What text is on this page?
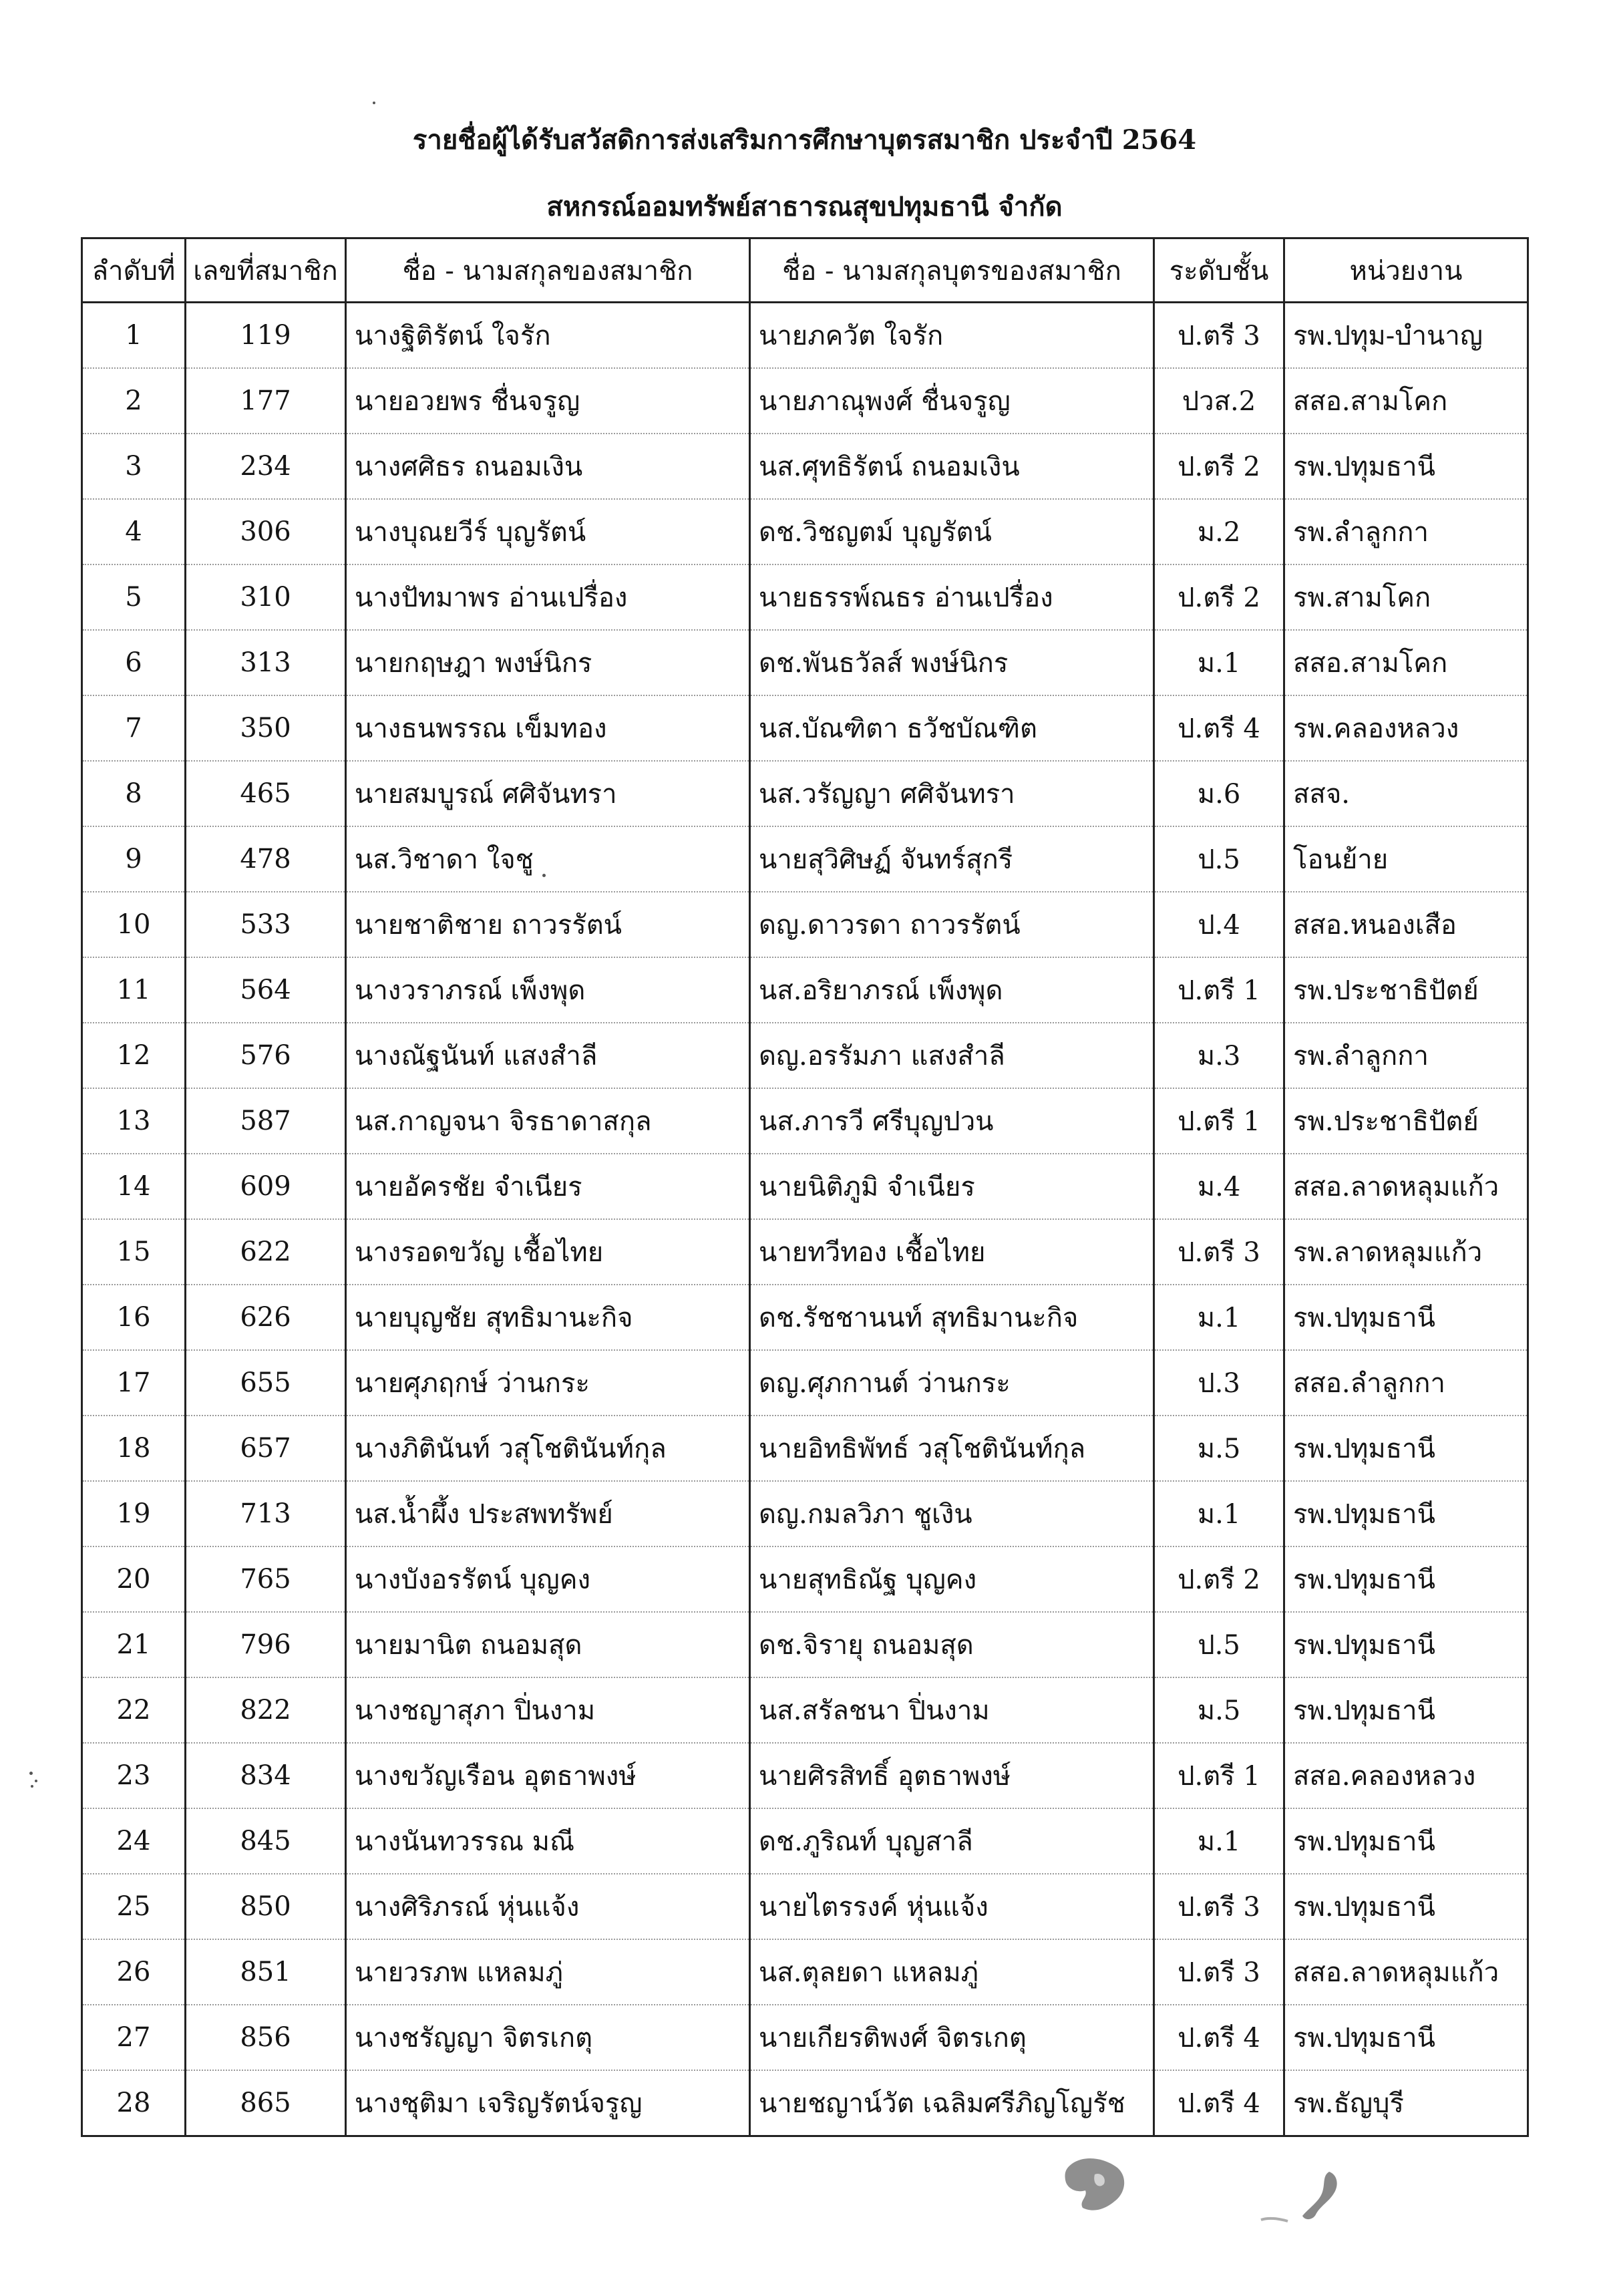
รายชื่อผู้ได้รับสวัสดิการส่งเสริมการศึกษาบุตรสมาชิก ประจำปี 2564
สหกรณ์ออมทรัพย์สาธารณสุขปทุมธานี จำกัด
ลำดับที่	เลขที่สมาชิก	ชื่อ - นามสกุลของสมาชิก	ชื่อ - นามสกุลบุตรของสมาชิก	ระดับชั้น	หน่วยงาน
1	119	นางฐิติรัตน์ ใจรัก	นายภควัต ใจรัก	ป.ตรี 3	รพ.ปทุม-บำนาญ
2	177	นายอวยพร ชื่นจรูญ	นายภาณุพงศ์ ชื่นจรูญ	ปวส.2	สสอ.สามโคก
3	234	นางศศิธร ถนอมเงิน	นส.ศุทธิรัตน์ ถนอมเงิน	ป.ตรี 2	รพ.ปทุมธานี
4	306	นางบุณยวีร์ บุญรัตน์	ดช.วิชญตม์ บุญรัตน์	ม.2	รพ.ลำลูกกา
5	310	นางปัทมาพร อ่านเปรื่อง	นายธรรพ์ณธร อ่านเปรื่อง	ป.ตรี 2	รพ.สามโคก
6	313	นายกฤษฎา พงษ์นิกร	ดช.พันธวัลส์ พงษ์นิกร	ม.1	สสอ.สามโคก
7	350	นางธนพรรณ เข็มทอง	นส.บัณฑิตา ธวัชบัณฑิต	ป.ตรี 4	รพ.คลองหลวง
8	465	นายสมบูรณ์ ศศิจันทรา	นส.วรัญญา ศศิจันทรา	ม.6	สสจ.
9	478	นส.วิชาดา ใจชู	นายสุวิศิษฏ์ จันทร์สุกรี	ป.5	โอนย้าย
10	533	นายชาติชาย ถาวรรัตน์	ดญ.ดาวรดา ถาวรรัตน์	ป.4	สสอ.หนองเสือ
11	564	นางวราภรณ์ เพ็งพุด	นส.อริยาภรณ์ เพ็งพุด	ป.ตรี 1	รพ.ประชาธิปัตย์
12	576	นางณัฐนันท์ แสงสำลี	ดญ.อรรัมภา แสงสำลี	ม.3	รพ.ลำลูกกา
13	587	นส.กาญจนา จิรธาดาสกุล	นส.ภารวี ศรีบุญปวน	ป.ตรี 1	รพ.ประชาธิปัตย์
14	609	นายอัครชัย จำเนียร	นายนิติภูมิ จำเนียร	ม.4	สสอ.ลาดหลุมแก้ว
15	622	นางรอดขวัญ เชื้อไทย	นายทวีทอง เชื้อไทย	ป.ตรี 3	รพ.ลาดหลุมแก้ว
16	626	นายบุญชัย สุทธิมานะกิจ	ดช.รัชชานนท์ สุทธิมานะกิจ	ม.1	รพ.ปทุมธานี
17	655	นายศุภฤกษ์ ว่านกระ	ดญ.ศุภกานต์ ว่านกระ	ป.3	สสอ.ลำลูกกา
18	657	นางภิตินันท์ วสุโชตินันท์กุล	นายอิทธิพัทธ์ วสุโชตินันท์กุล	ม.5	รพ.ปทุมธานี
19	713	นส.น้ำผึ้ง ประสพทรัพย์	ดญ.กมลวิภา ชูเงิน	ม.1	รพ.ปทุมธานี
20	765	นางบังอรรัตน์ บุญคง	นายสุทธิณัฐ บุญคง	ป.ตรี 2	รพ.ปทุมธานี
21	796	นายมานิต ถนอมสุด	ดช.จิรายุ ถนอมสุด	ป.5	รพ.ปทุมธานี
22	822	นางชญาสุภา ปิ่นงาม	นส.สรัลชนา ปิ่นงาม	ม.5	รพ.ปทุมธานี
23	834	นางขวัญเรือน อุตธาพงษ์	นายศิรสิทธิ์ อุตธาพงษ์	ป.ตรี 1	สสอ.คลองหลวง
24	845	นางนันทวรรณ มณี	ดช.ภูริณท์ บุญสาลี	ม.1	รพ.ปทุมธานี
25	850	นางศิริภรณ์ หุ่นแจ้ง	นายไตรรงค์ หุ่นแจ้ง	ป.ตรี 3	รพ.ปทุมธานี
26	851	นายวรภพ แหลมภู่	นส.ตุลยดา แหลมภู่	ป.ตรี 3	สสอ.ลาดหลุมแก้ว
27	856	นางชรัญญา จิตรเกตุ	นายเกียรติพงศ์ จิตรเกตุ	ป.ตรี 4	รพ.ปทุมธานี
28	865	นางชุติมา เจริญรัตน์จรูญ	นายชญาน์วัต เฉลิมศรีภิญโญรัช	ป.ตรี 4	รพ.ธัญบุรี
